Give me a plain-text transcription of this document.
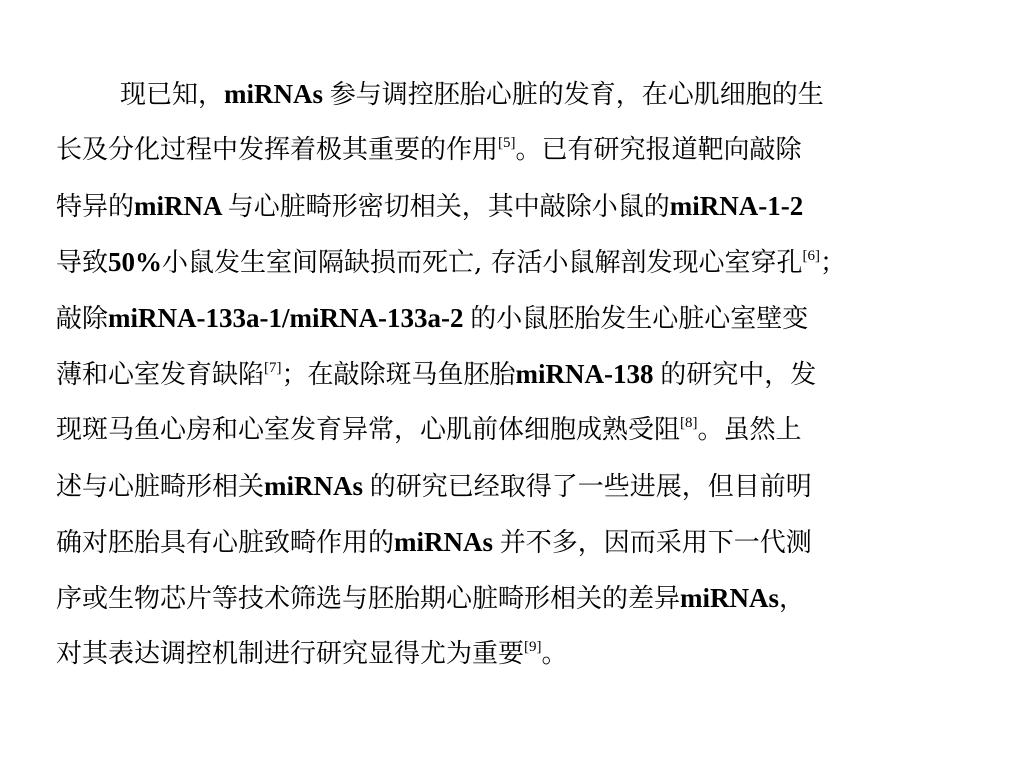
现已知，miRNAs 参与调控胚胎心脏的发育，在心肌细胞的生
长及分化过程中发挥着极其重要的作用[5]。已有研究报道靶向敲除
特异的miRNA 与心脏畸形密切相关，其中敲除小鼠的miRNA-1-2
导致50%小鼠发生室间隔缺损而死亡, 存活小鼠解剖发现心室穿孔[6]；
敲除miRNA-133a-1/miRNA-133a-2 的小鼠胚胎发生心脏心室壁变
薄和心室发育缺陷[7]；在敲除斑马鱼胚胎miRNA-138 的研究中，发
现斑马鱼心房和心室发育异常，心肌前体细胞成熟受阻[8]。虽然上
述与心脏畸形相关miRNAs 的研究已经取得了一些进展，但目前明
确对胚胎具有心脏致畸作用的miRNAs 并不多，因而采用下一代测
序或生物芯片等技术筛选与胚胎期心脏畸形相关的差异miRNAs，
对其表达调控机制进行研究显得尤为重要[9]。
